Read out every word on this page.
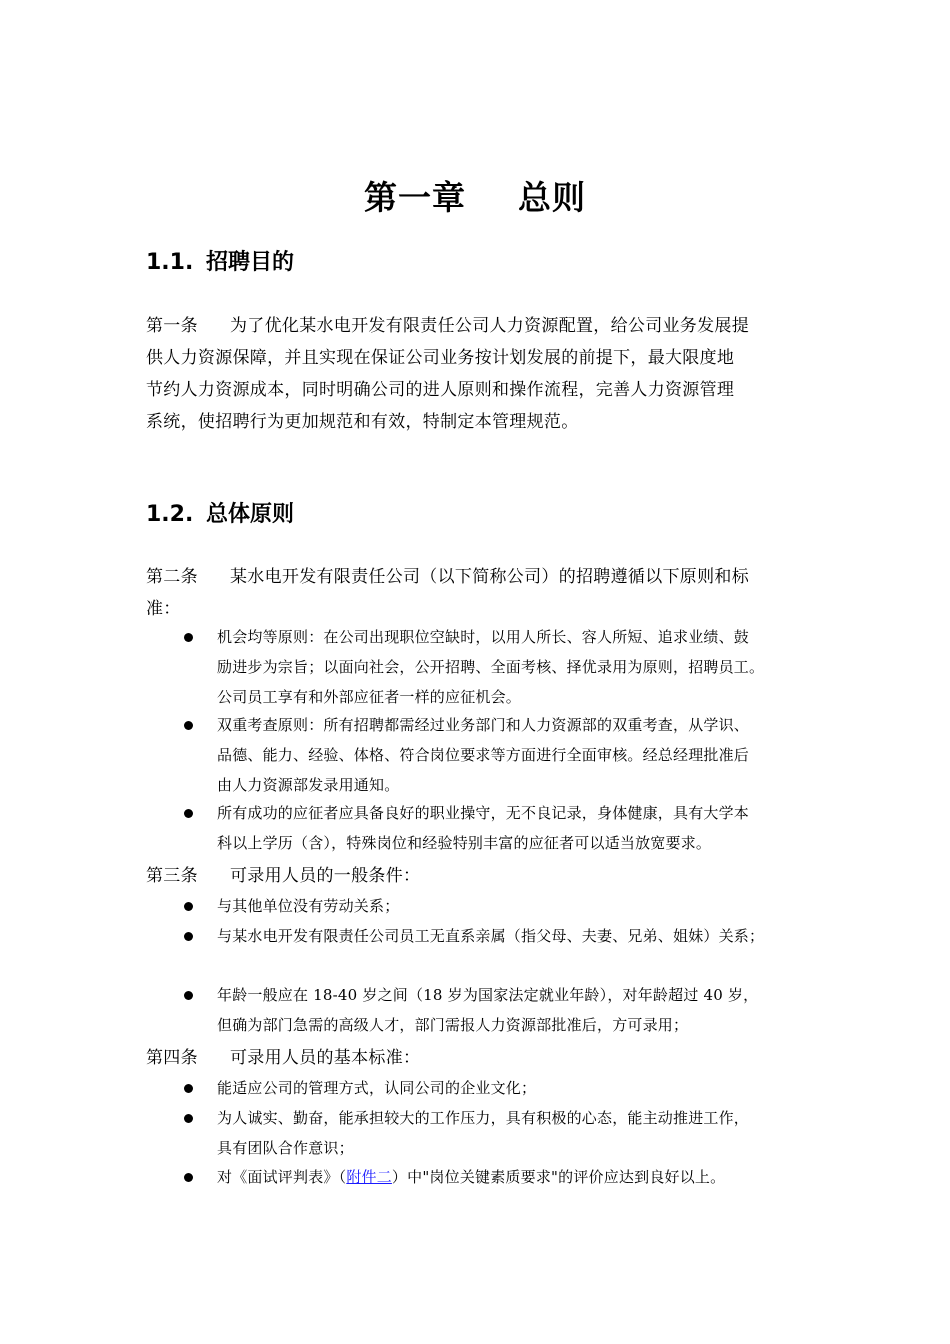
第一章 总则
1.1. 招聘目的
第一条 为了优化某水电开发有限责任公司人力资源配置，给公司业务发展提
供人力资源保障，并且实现在保证公司业务按计划发展的前提下，最大限度地
节约人力资源成本，同时明确公司的进人原则和操作流程，完善人力资源管理
系统，使招聘行为更加规范和有效，特制定本管理规范。
1.2. 总体原则
第二条 某水电开发有限责任公司（以下简称公司）的招聘遵循以下原则和标
准：
机会均等原则：在公司出现职位空缺时，以用人所长、容人所短、追求业绩、鼓
励进步为宗旨；以面向社会，公开招聘、全面考核、择优录用为原则，招聘员工。
公司员工享有和外部应征者一样的应征机会。
双重考查原则：所有招聘都需经过业务部门和人力资源部的双重考查，从学识、
品德、能力、经验、体格、符合岗位要求等方面进行全面审核。经总经理批准后
由人力资源部发录用通知。
所有成功的应征者应具备良好的职业操守，无不良记录，身体健康，具有大学本
科以上学历（含），特殊岗位和经验特别丰富的应征者可以适当放宽要求。
第三条 可录用人员的一般条件：
与其他单位没有劳动关系；
与某水电开发有限责任公司员工无直系亲属（指父母、夫妻、兄弟、姐妹）关系；
年龄一般应在 18-40 岁之间（18 岁为国家法定就业年龄），对年龄超过 40 岁，
但确为部门急需的高级人才，部门需报人力资源部批准后，方可录用；
第四条 可录用人员的基本标准：
能适应公司的管理方式，认同公司的企业文化；
为人诚实、勤奋，能承担较大的工作压力，具有积极的心态，能主动推进工作，
具有团队合作意识；
对《面试评判表》（附件二）中"岗位关键素质要求"的评价应达到良好以上。
